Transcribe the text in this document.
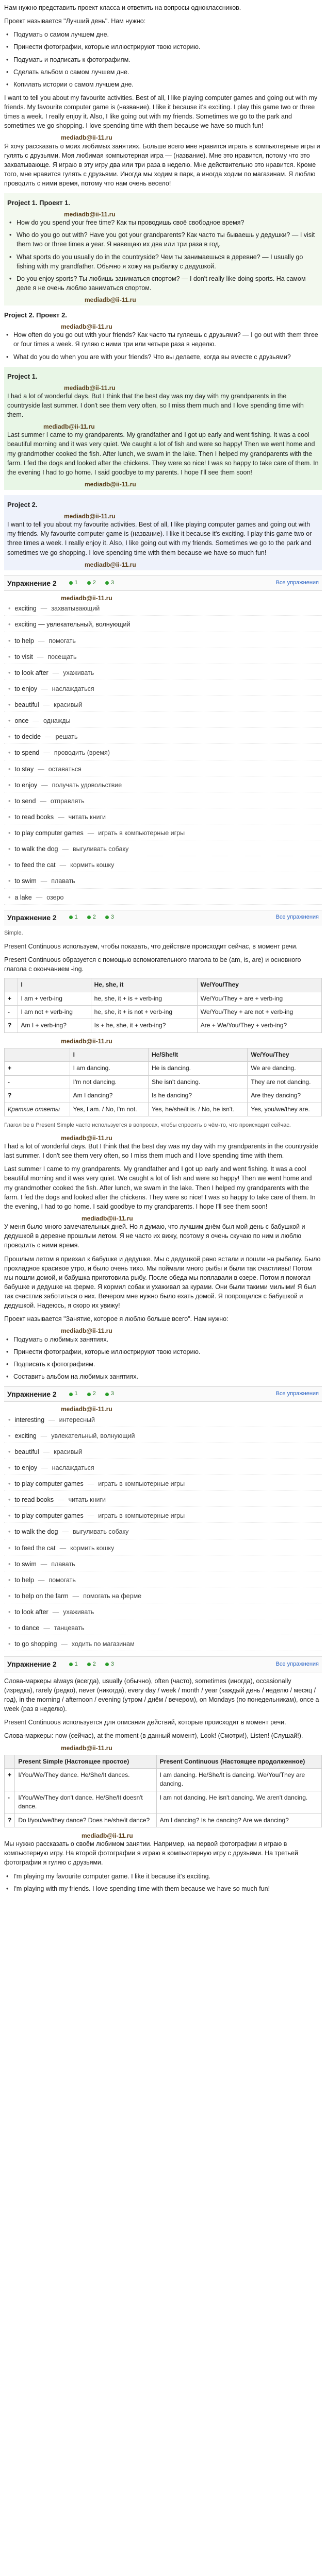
Нам нужно представить проект класса и ответить на вопросы одноклассников.

Проект называется "Лучший день". Нам нужно:

• Подумать о самом лучшем дне.
• Принести фотографии, которые иллюстрируют твою историю.
• Подумать и подписать к фотографиям.
• Сделать альбом о самом лучшем дне.
• Копилать истории о самом лучшем дне.

I want to tell you about my favourite activities. Best of all, I like playing computer games and going out with my friends. My favourite computer game is (название). I like it because it's exciting. I play this game two or three times a week. I really enjoy it. Also, I like going out with my friends. Sometimes we go to the park and sometimes we go shopping. I love spending time with them because we have so much fun!

mediadb@ii-11.ru

Я хочу рассказать о моих любимых занятиях. Больше всего мне нравится играть в компьютерные игры и гулять с друзьями. Моя любимая компьютерная игра — (название). Мне это нравится, потому что это захватывающе. Я играю в эту игру два или три раза в неделю. Мне действительно это нравится. Кроме того, мне нравится гулять с друзьями. Иногда мы ходим в парк, а иногда ходим по магазинам. Я люблю проводить с ними время, потому что нам очень весело!

Project 1. Проект 1.
mediadb@ii-11.ru
• How do you spend your free time? Как ты проводишь своё свободное время?
• Who do you go out with? Have you got your grandparents? Как часто ты бываешь у дедушки? — I visit them two or three times a year. Я навещаю их два или три раза в год.
• What sports do you usually do in the countryside? Чем ты занимаешься в деревне? — I usually go fishing with my grandfather. Обычно я хожу на рыбалку с дедушкой.
• Do you enjoy sports? Ты любишь заниматься спортом? — I don't really like doing sports. На самом деле я не очень люблю заниматься спортом.
mediadb@ii-11.ru
Project 2. Проект 2.
mediadb@ii-11.ru
• How often do you go out with your friends? Как часто ты гуляешь с друзьями? — I go out with them three or four times a week. Я гуляю с ними три или четыре раза в неделю.
• What do you do when you are with your friends? Что вы делаете, когда вы вместе с друзьями?
Project 1.
mediadb@ii-11.ru

I had a lot of wonderful days. But I think that the best day was my day with my grandparents in the countryside last summer. I don't see them very often, so I miss them much and I love spending time with them.

mediadb@ii-11.ru

Last summer I came to my grandparents. My grandfather and I got up early and went fishing. It was a cool beautiful morning and it was very quiet. We caught a lot of fish and were so happy! Then we went home and my grandmother cooked the fish. After lunch, we swam in the lake. Then I helped my grandparents with the farm. I fed the dogs and looked after the chickens. They were so nice! I was so happy to take care of them. In the evening I had to go home. I said goodbye to my parents. I hope I'll see them soon!

mediadb@ii-11.ru
Project 2.
mediadb@ii-11.ru

I want to tell you about my favourite activities. Best of all, I like playing computer games and going out with my friends. My favourite computer game is (название). I like it because it's exciting. I play this game two or three times a week. I really enjoy it. Also, I like going out with my friends. Sometimes we go to the park and sometimes we go shopping. I love spending time with them because we have so much fun!

mediadb@ii-11.ru
Упражнение 2	1	2	3	Все упражнения
mediadb@ii-11.ru
• exciting — захватывающий
• exciting — увлекательный, волнующий
• to help — помогать
• to visit — посещать
• to look after — ухаживать
• to enjoy — наслаждаться
• beautiful — красивый
• once — однажды
• to decide — решать
• to spend — проводить (время)
• to stay — оставаться
• to enjoy — получать удовольствие
• to send — отправлять
• to read books — читать книги
• to play computer games — играть в компьютерные игры
• to walk the dog — выгуливать собаку
• to feed the cat — кормить кошку
• to swim — плавать
• a lake — озеро
Упражнение 2	1	2	3	Все упражнения

Simple.

Present Continuous используем, чтобы показать, что действие происходит сейчас, в момент речи.

Present Continuous образуется с помощью вспомогательного глагола to be (am, is, are) и основного глагола с окончанием -ing.

	I	He, she, it	We/You/They
+	I am + verb-ing	he, she, it + is + verb-ing	We/You/They + are + verb-ing
-	I am not + verb-ing	he, she, it + is not + verb-ing	We/You/They + are not + verb-ing
?	Am I + verb-ing?	Is + he, she, it + verb-ing?	Are + We/You/They + verb-ing?
mediadb@ii-11.ru
	I	He/She/It	We/You/They
+	I am dancing.	He is dancing.	We are dancing.
-	I'm not dancing.	She isn't dancing.	They are not dancing.
?	Am I dancing?	Is he dancing?	Are they dancing?
Краткие ответы	Yes, I am. / No, I'm not.	Yes, he/she/it is. / No, he isn't.	Yes, you/we/they are.

Глагол be в Present Simple часто используется в вопросах, чтобы спросить о чём-то, что происходит сейчас.

mediadb@ii-11.ru

I had a lot of wonderful days. But I think that the best day was my day with my grandparents in the countryside last summer. I don't see them very often, so I miss them much and I love spending time with them.

Last summer I came to my grandparents. My grandfather and I got up early and went fishing. It was a cool beautiful morning and it was very quiet. We caught a lot of fish and were so happy! Then we went home and my grandmother cooked the fish. After lunch, we swam in the lake. Then I helped my grandparents with the farm. I fed the dogs and looked after the chickens. They were so nice! I was so happy to take care of them. In the evening, I had to go home. I said goodbye to my grandparents. I hope I'll see them soon!

mediadb@ii-11.ru

У меня было много замечательных дней. Но я думаю, что лучшим днём был мой день с бабушкой и дедушкой в деревне прошлым летом. Я не часто их вижу, поэтому я очень скучаю по ним и люблю проводить с ними время.

Прошлым летом я приехал к бабушке и дедушке. Мы с дедушкой рано встали и пошли на рыбалку. Было прохладное красивое утро, и было очень тихо. Мы поймали много рыбы и были так счастливы! Потом мы пошли домой, и бабушка приготовила рыбу. После обеда мы поплавали в озере. Потом я помогал бабушке и дедушке на ферме. Я кормил собак и ухаживал за курами. Они были такими милыми! Я был так счастлив заботиться о них. Вечером мне нужно было ехать домой. Я попрощался с бабушкой и дедушкой. Надеюсь, я скоро их увижу!

Проект называется "Занятие, которое я люблю больше всего". Нам нужно:

mediadb@ii-11.ru
• Подумать о любимых занятиях.
• Принести фотографии, которые иллюстрируют твою историю.
• Подписать к фотографиям.
• Составить альбом на любимых занятиях.
Упражнение 2	1	2	3	Все упражнения
mediadb@ii-11.ru
• interesting — интересный
• exciting — увлекательный, волнующий
• beautiful — красивый
• to enjoy — наслаждаться
• to play computer games — играть в компьютерные игры
• to read books — читать книги
• to play computer games — играть в компьютерные игры
• to walk the dog — выгуливать собаку
• to feed the cat — кормить кошку
• to swim — плавать
• to help — помогать
• to help on the farm — помогать на ферме
• to look after — ухаживать
• to dance — танцевать
• to go shopping — ходить по магазинам
Упражнение 2	1	2	3	Все упражнения

Слова-маркеры always (всегда), usually (обычно), often (часто), sometimes (иногда), occasionally (изредка), rarely (редко), never (никогда), every day / week / month / year (каждый день / неделю / месяц / год), in the morning / afternoon / evening (утром / днём / вечером), on Mondays (по понедельникам), once a week (раз в неделю).

Present Continuous используется для описания действий, которые происходят в момент речи.

Слова-маркеры: now (сейчас), at the moment (в данный момент), Look! (Смотри!), Listen! (Слушай!).

mediadb@ii-11.ru
	Present Simple (Настоящее простое)	Present Continuous (Настоящее продолженное)
+	I/You/We/They dance. He/She/It dances.	I am dancing. He/She/It is dancing. We/You/They are dancing.
-	I/You/We/They don't dance. He/She/It doesn't dance.	I am not dancing. He isn't dancing. We aren't dancing.
?	Do I/you/we/they dance? Does he/she/it dance?	Am I dancing? Is he dancing? Are we dancing?
mediadb@ii-11.ru

Мы нужно рассказать о своём любимом занятии. Например, на первой фотографии я играю в компьютерную игру. На второй фотографии я играю в компьютерную игру с друзьями. На третьей фотографии я гуляю с друзьями.

• I'm playing my favourite computer game. I like it because it's exciting.
• I'm playing with my friends. I love spending time with them because we have so much fun!
